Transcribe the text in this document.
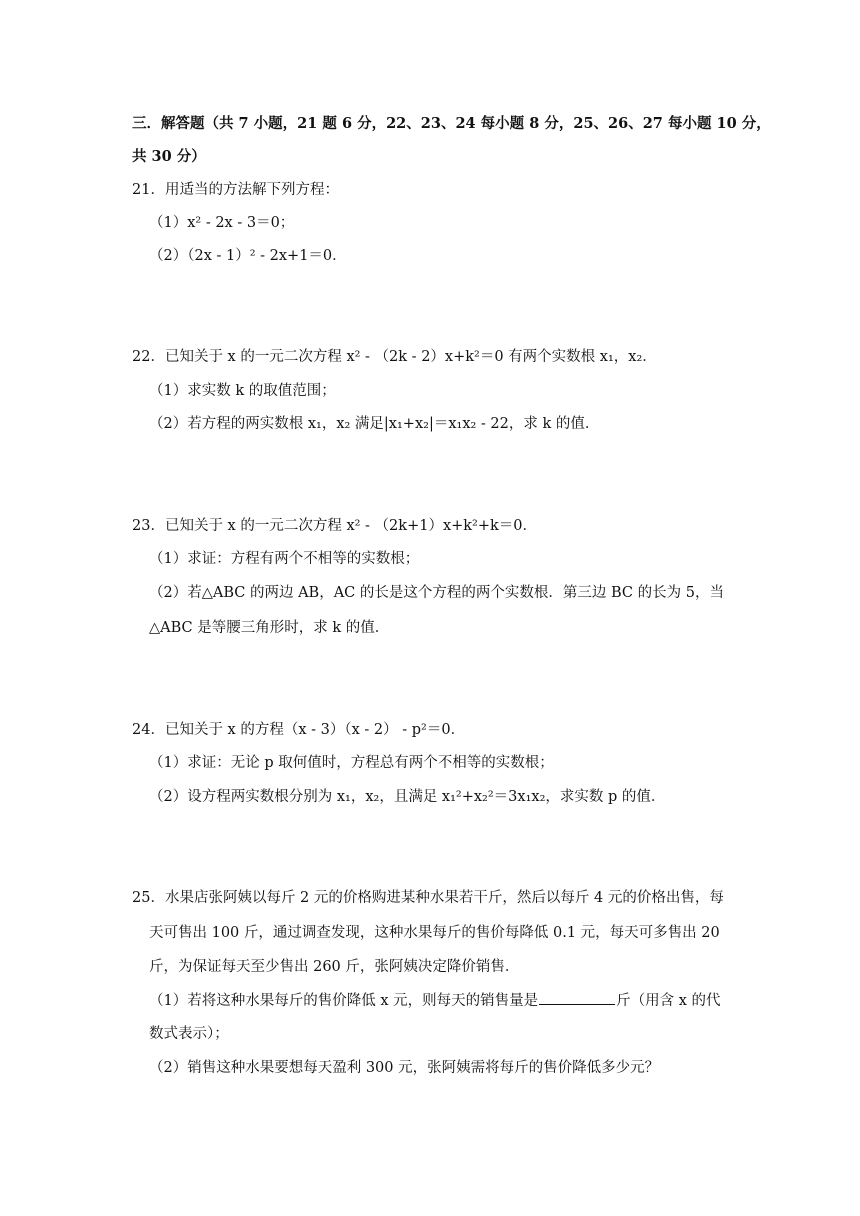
三．解答题（共 7 小题，21 题 6 分，22、23、24 每小题 8 分，25、26、27 每小题 10 分，
共 30 分）
21．用适当的方法解下列方程：
（1）x² - 2x - 3＝0；
（2）（2x - 1）² - 2x+1＝0．
22．已知关于 x 的一元二次方程 x² - （2k - 2）x+k²＝0 有两个实数根 x₁，x₂．
（1）求实数 k 的取值范围；
（2）若方程的两实数根 x₁，x₂ 满足|x₁+x₂|＝x₁x₂ - 22，求 k 的值．
23．已知关于 x 的一元二次方程 x² - （2k+1）x+k²+k＝0．
（1）求证：方程有两个不相等的实数根；
（2）若△ABC 的两边 AB，AC 的长是这个方程的两个实数根．第三边 BC 的长为 5，当
△ABC 是等腰三角形时，求 k 的值．
24．已知关于 x 的方程（x - 3）（x - 2） - p²＝0．
（1）求证：无论 p 取何值时，方程总有两个不相等的实数根；
（2）设方程两实数根分别为 x₁，x₂，且满足 x₁²+x₂²＝3x₁x₂，求实数 p 的值．
25．水果店张阿姨以每斤 2 元的价格购进某种水果若干斤，然后以每斤 4 元的价格出售，每
天可售出 100 斤，通过调查发现，这种水果每斤的售价每降低 0.1 元，每天可多售出 20
斤，为保证每天至少售出 260 斤，张阿姨决定降价销售．
（1）若将这种水果每斤的售价降低 x 元，则每天的销售量是	斤（用含 x 的代
数式表示）；
（2）销售这种水果要想每天盈利 300 元，张阿姨需将每斤的售价降低多少元？
